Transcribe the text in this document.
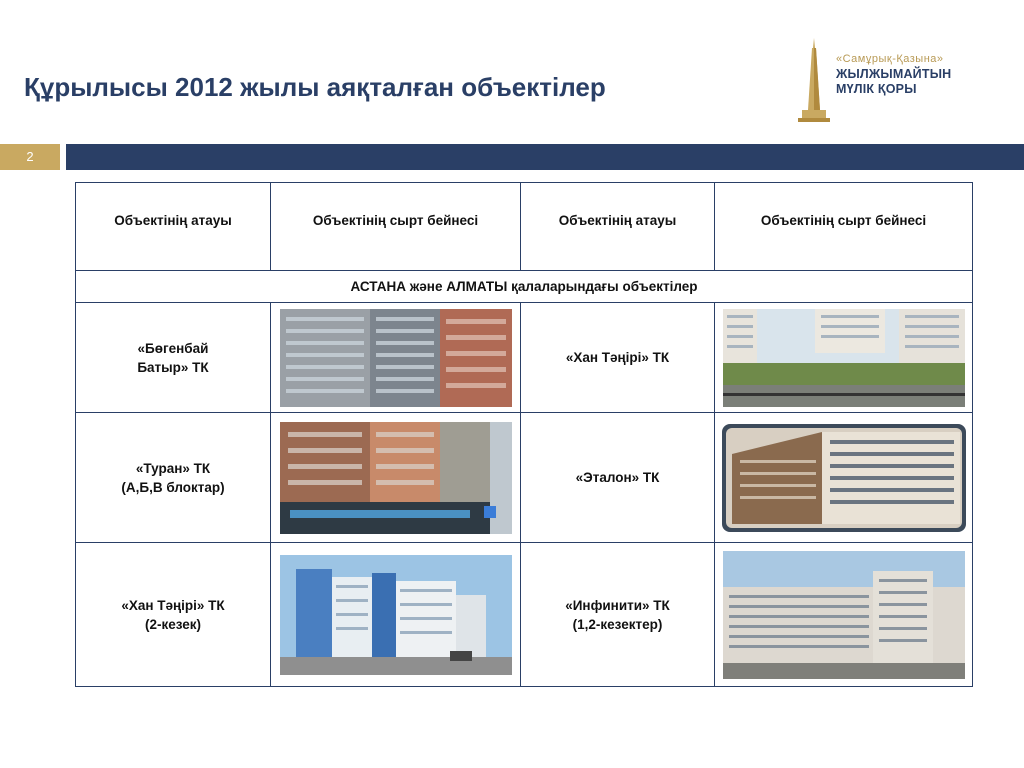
Құрылысы 2012 жылы аяқталған объектілер
«Самұрық-Қазына»
ЖЫЛЖЫМАЙТЫН
МҮЛІК ҚОРЫ
2
Объектінің атауы	Объектінің сырт бейнесі	Объектінің атауы	Объектінің сырт бейнесі
АСТАНА және АЛМАТЫ қалаларындағы объектілер			

«Бөгенбай
Батыр» ТК		«Хан Тәңірі» ТК

«Туран» ТК
(А,Б,В блоктар)		«Эталон» ТК

«Хан Тәңірі» ТК
(2-кезек)		«Инфинити» ТК
(1,2-кезектер)
